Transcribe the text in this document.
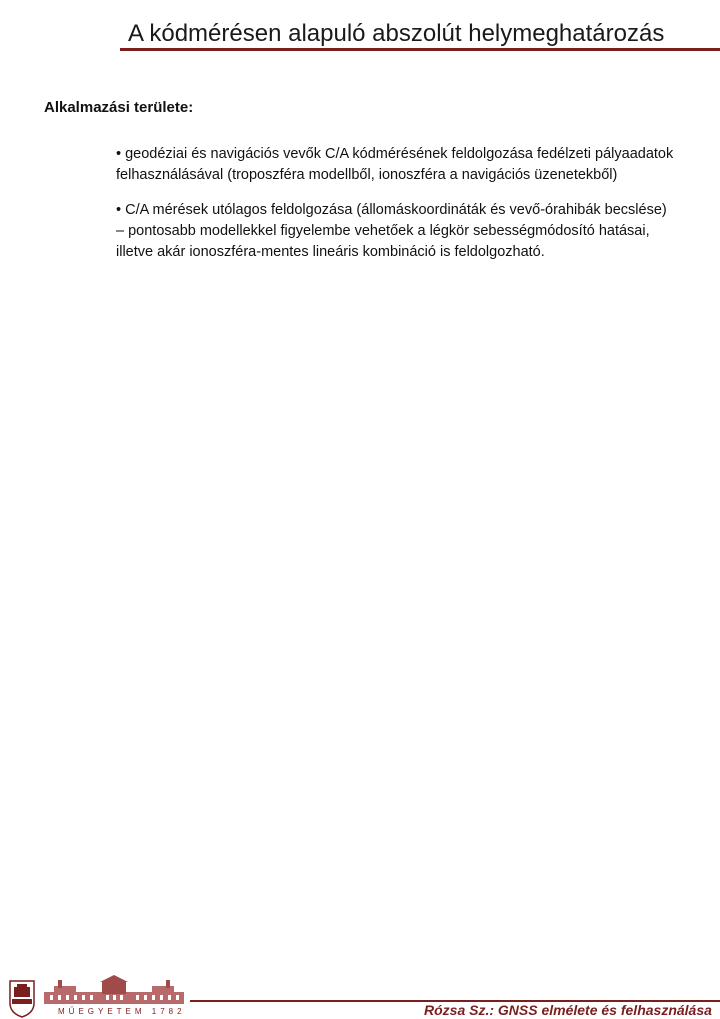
A kódmérésen alapuló abszolút helymeghatározás
Alkalmazási területe:

• geodéziai és navigációs vevők C/A kódmérésének feldolgozása fedélzeti pályaadatok felhasználásával (troposzféra modellből, ionoszféra a navigációs üzenetekből)

• C/A mérések utólagos feldolgozása (állomáskoordináták és vevő-órahibák becslése) – pontosabb modellekkel figyelembe vehetőek a légkör sebességmódosító hatásai, illetve akár ionoszféra-mentes lineáris kombináció is feldolgozható.

MŰEGYETEM 1782	Rózsa Sz.: GNSS elmélete és felhasználása
